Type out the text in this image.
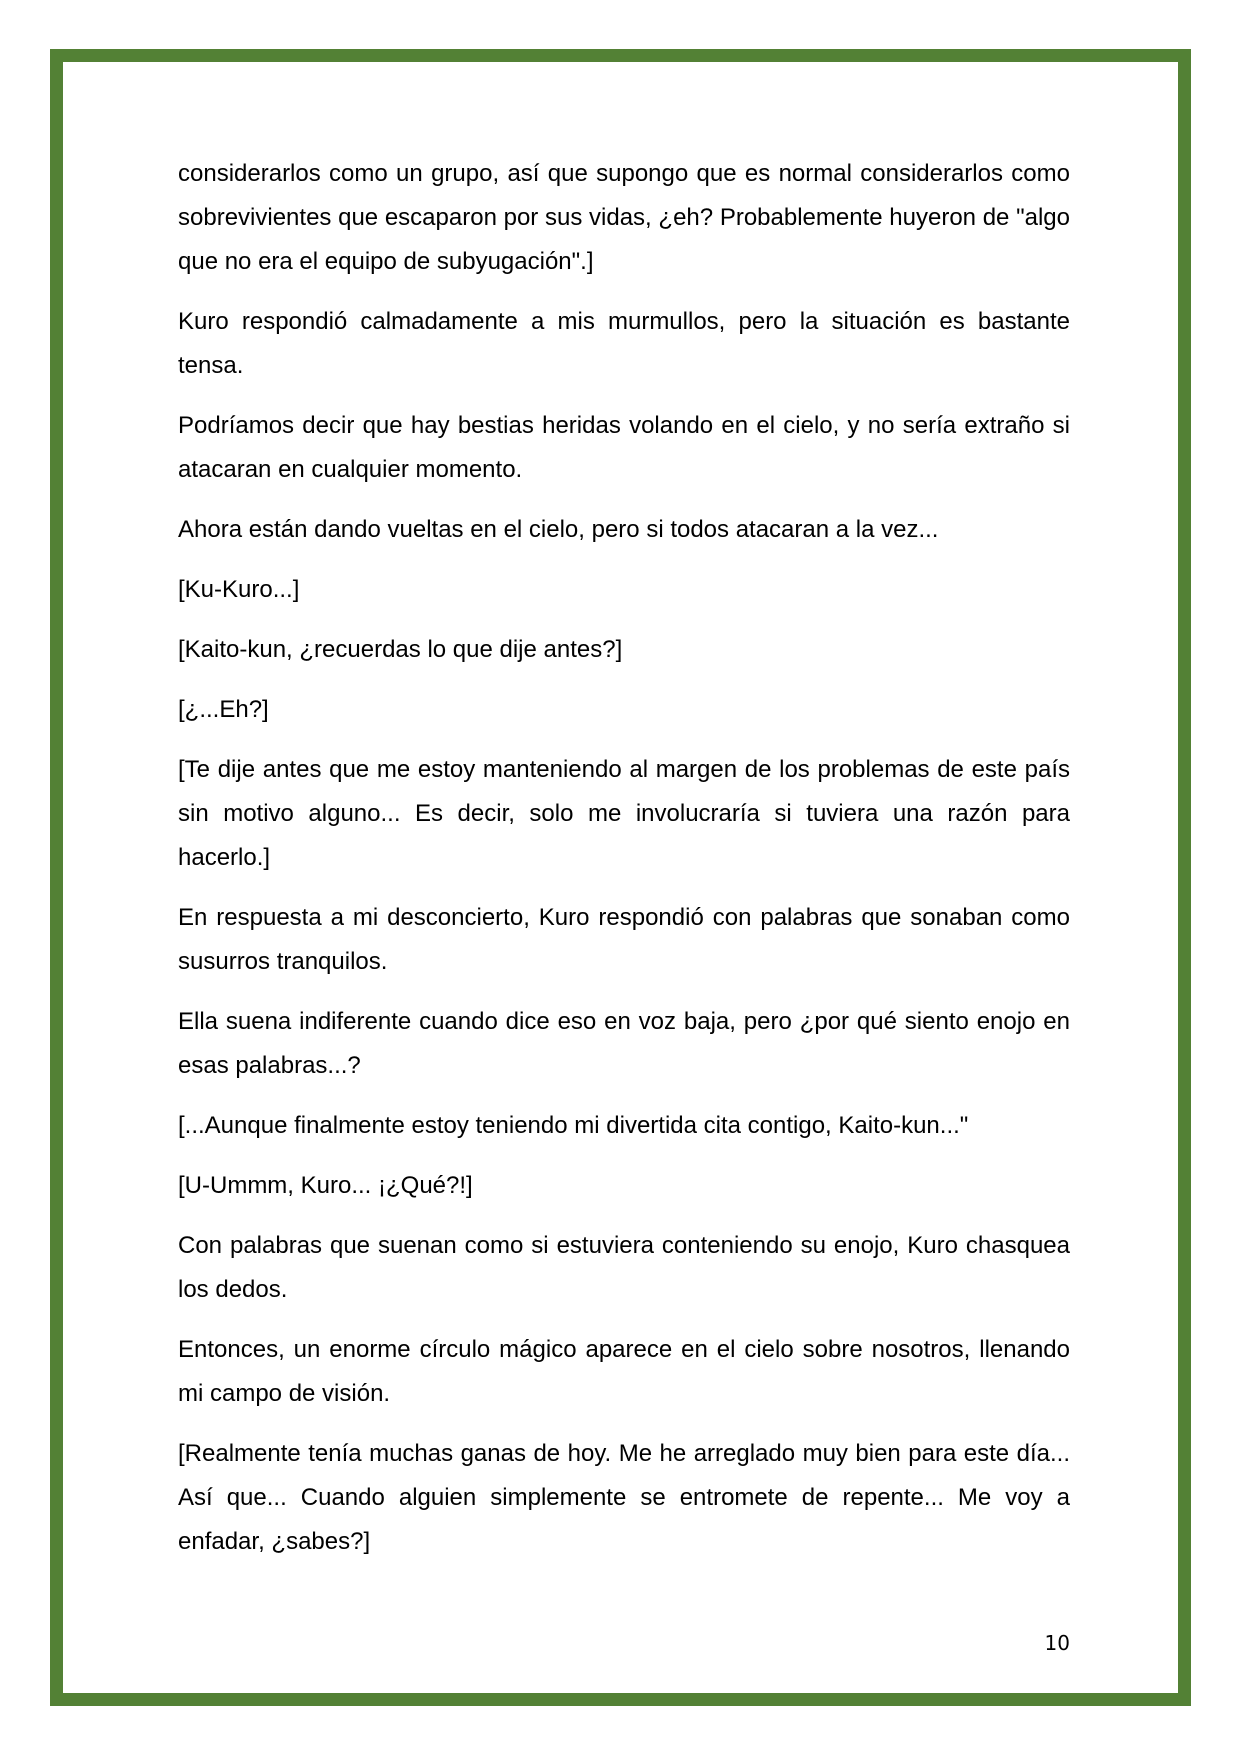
considerarlos como un grupo, así que supongo que es normal considerarlos como sobrevivientes que escaparon por sus vidas, ¿eh? Probablemente huyeron de "algo que no era el equipo de subyugación".]

Kuro respondió calmadamente a mis murmullos, pero la situación es bastante tensa.

Podríamos decir que hay bestias heridas volando en el cielo, y no sería extraño si atacaran en cualquier momento.

Ahora están dando vueltas en el cielo, pero si todos atacaran a la vez...

[Ku-Kuro...]

[Kaito-kun, ¿recuerdas lo que dije antes?]

[¿...Eh?]

[Te dije antes que me estoy manteniendo al margen de los problemas de este país sin motivo alguno... Es decir, solo me involucraría si tuviera una razón para hacerlo.]

En respuesta a mi desconcierto, Kuro respondió con palabras que sonaban como susurros tranquilos.

Ella suena indiferente cuando dice eso en voz baja, pero ¿por qué siento enojo en esas palabras...?

[...Aunque finalmente estoy teniendo mi divertida cita contigo, Kaito-kun..."

[U-Ummm, Kuro... ¡¿Qué?!]

Con palabras que suenan como si estuviera conteniendo su enojo, Kuro chasquea los dedos.

Entonces, un enorme círculo mágico aparece en el cielo sobre nosotros, llenando mi campo de visión.

[Realmente tenía muchas ganas de hoy. Me he arreglado muy bien para este día... Así que... Cuando alguien simplemente se entromete de repente... Me voy a enfadar, ¿sabes?]

10
